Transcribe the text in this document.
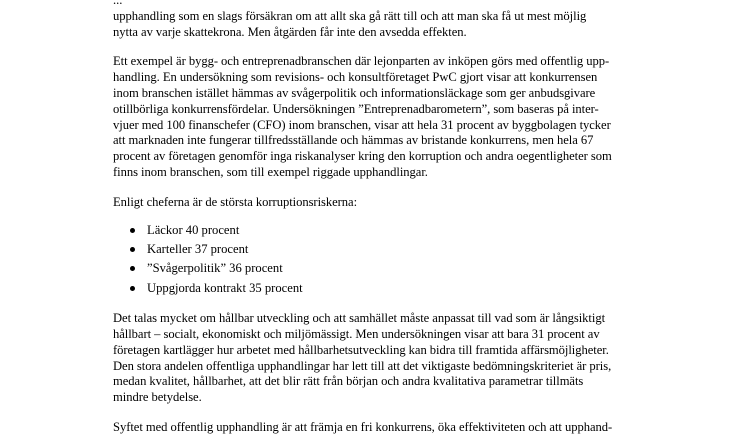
...
upphandling som en slags försäkran om att allt ska gå rätt till och att man ska få ut mest möjlig
nytta av varje skattekrona. Men åtgärden får inte den avsedda effekten.
Ett exempel är bygg- och entreprenadbranschen där lejonparten av inköpen görs med offentlig upp-
handling. En undersökning som revisions- och konsultföretaget PwC gjort visar att konkurrensen
inom branschen istället hämmas av svågerpolitik och informationsläckage som ger anbudsgivare
otillbörliga konkurrensfördelar. Undersökningen ”Entreprenadbarometern”, som baseras på inter-
vjuer med 100 finanschefer (CFO) inom branschen, visar att hela 31 procent av byggbolagen tycker
att marknaden inte fungerar tillfredsställande och hämmas av bristande konkurrens, men hela 67
procent av företagen genomför inga riskanalyser kring den korruption och andra oegentligheter som
finns inom branschen, som till exempel riggade upphandlingar.
Enligt cheferna är de största korruptionsriskerna:
Läckor 40 procent
Karteller 37 procent
”Svågerpolitik” 36 procent
Uppgjorda kontrakt 35 procent
Det talas mycket om hållbar utveckling och att samhället måste anpassat till vad som är långsiktigt
hållbart – socialt, ekonomiskt och miljömässigt. Men undersökningen visar att bara 31 procent av
företagen kartlägger hur arbetet med hållbarhetsutveckling kan bidra till framtida affärsmöjligheter.
Den stora andelen offentliga upphandlingar har lett till att det viktigaste bedömningskriteriet är pris,
medan kvalitet, hållbarhet, att det blir rätt från början och andra kvalitativa parametrar tillmäts
mindre betydelse.
Syftet med offentlig upphandling är att främja en fri konkurrens, öka effektiviteten och att upphand-
